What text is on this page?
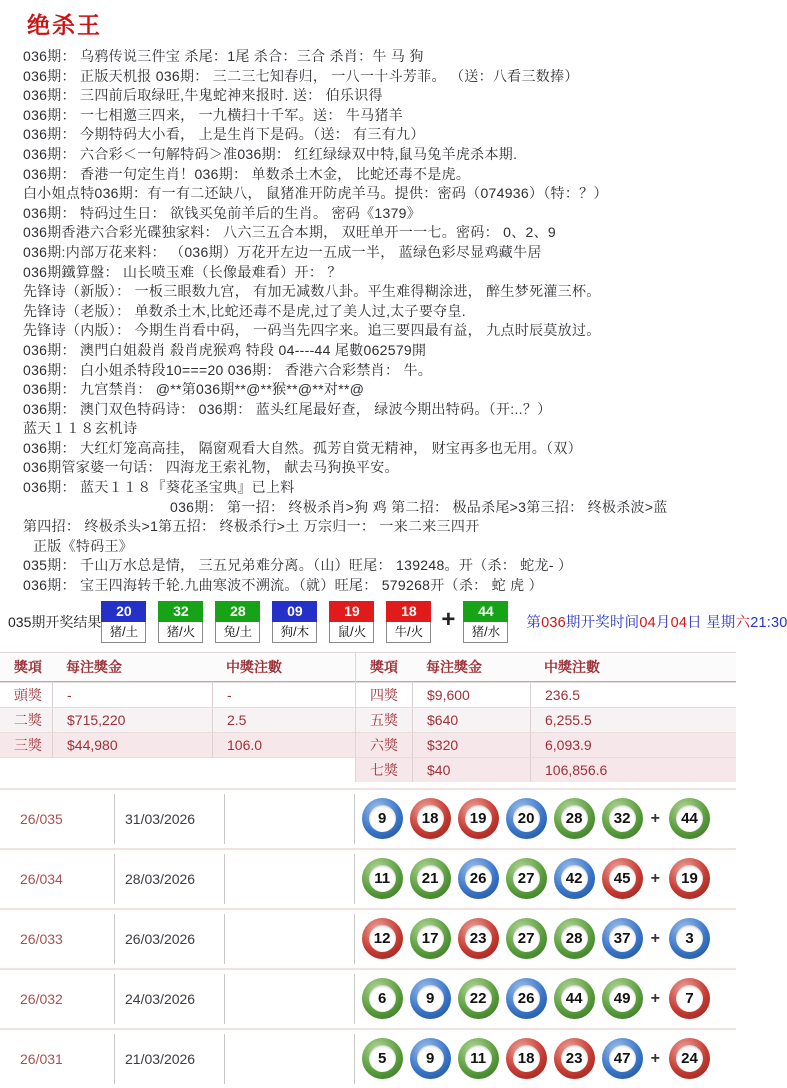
绝杀王
036期： 乌鸦传说三件宝 杀尾：1尾 杀合：三合 杀肖：牛 马 狗
036期： 正版天机报 036期： 三二三七知春归， 一八一十斗芳菲。 （送：八看三数捧）
036期： 三四前后取绿旺,牛鬼蛇神来报时. 送： 伯乐识得
036期： 一七相邀三四来， 一九横扫十千军。送： 牛马猪羊
036期： 今期特码大小看， 上是生肖下是码。（送： 有三有九）
036期： 六合彩＜一句解特码＞准036期： 红红绿绿双中特,鼠马兔羊虎杀本期.
036期： 香港一句定生肖！036期： 单数杀土木金， 比蛇还毒不是虎。
白小姐点特036期：有一有二还缺八， 鼠猪准开防虎羊马。提供：密码（074936）（特：？）
036期： 特码过生日： 欲钱买兔前羊后的生肖。 密码《1379》
036期香港六合彩光碟独家料： 八六三五合本期， 双旺单开一一七。密码： 0、2、9
036期:内部万花来料： （036期）万花开左边一五成一半， 蓝绿色彩尽显鸡藏牛居
036期鐵算盤： 山长喷玉难（长像最难看）开： ？
先锋诗（新版）： 一板三眼数九宫， 有加无减数八卦。平生难得糊涂进， 醉生梦死灌三杯。
先锋诗（老版）： 单数杀土木,比蛇还毒不是虎,过了美人过,太子要夺皇.
先锋诗（内版）： 今期生肖看中码， 一码当先四字来。追三要四最有益， 九点时辰莫放过。
036期： 澳門白姐殺肖 殺肖虎猴鸡 特段 04----44 尾數062579開
036期： 白小姐杀特段10===20 036期： 香港六合彩禁肖： 牛。
036期： 九宫禁肖： @**第036期**@**猴**@**对**@
036期： 澳门双色特码诗： 036期： 蓝头红尾最好查， 绿波今期出特码。（开:..？）
蓝天１１８玄机诗
036期： 大红灯笼高高挂， 隔窗观看大自然。孤芳自赏无精神， 财宝再多也无用。（双）
036期管家婆一句话： 四海龙王索礼物， 献去马狗换平安。
036期： 蓝天１１８『葵花圣宝典』已上料
036期： 第一招： 终极杀肖>狗 鸡 第二招： 极品杀尾>3第三招： 终极杀波>蓝
第四招： 终极杀头>1第五招： 终极杀行>土 万宗归一： 一来二来三四开
正版《特码王》
035期： 千山万水总是情， 三五兄弟难分离。（山）旺尾： 139248。开（杀： 蛇龙- ）
036期： 宝王四海转千轮.九曲寒波不溯流。（就）旺尾： 579268开（杀： 蛇 虎 ）
035期开奖结果
20
猪/土
32
猪/火
28
兔/土
09
狗/木
19
鼠/火
18
牛/火 +	44
猪/水
第036期开奖时间04月04日 星期六21:30
獎項	每注獎金	中獎注數
頭獎	-	-
二獎	$715,220	2.5
三獎	$44,980	106.0
獎項	每注獎金	中獎注數
四獎	$9,600	236.5
五獎	$640	6,255.5
六獎	$320	6,093.9
七獎	$40	106,856.6
26/035	31/03/2026	9	18	19	20	28	32	+	44
26/034	28/03/2026	11	21	26	27	42	45	+	19
26/033	26/03/2026	12	17	23	27	28	37	+	3
26/032	24/03/2026	6	9	22	26	44	49	+	7
26/031	21/03/2026	5	9	11	18	23	47	+	24
